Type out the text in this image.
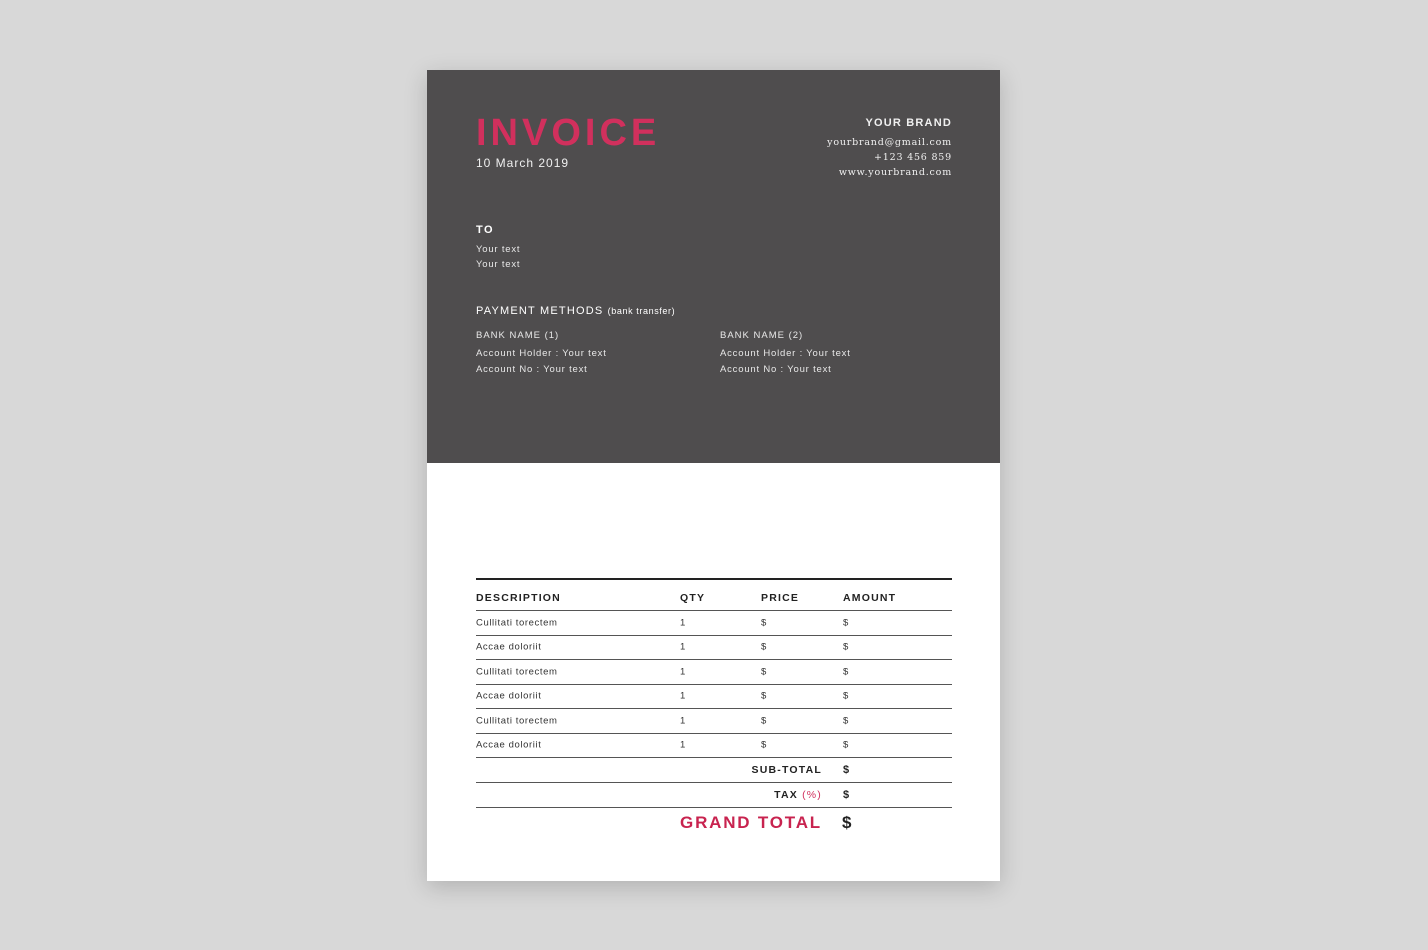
INVOICE
10 March 2019
YOUR BRAND
yourbrand@gmail.com
+123 456 859
www.yourbrand.com
TO
Your text
Your text
PAYMENT METHODS (bank transfer)
BANK NAME (1)
Account Holder : Your text
Account No : Your text
BANK NAME (2)
Account Holder : Your text
Account No : Your text
DESCRIPTION	QTY	PRICE	AMOUNT
Cullitati torectem	1	$	$
Accae doloriit	1	$	$
Cullitati torectem	1	$	$
Accae doloriit	1	$	$
Cullitati torectem	1	$	$
Accae doloriit	1	$	$
SUB-TOTAL $
TAX (%) $
GRAND TOTAL $
